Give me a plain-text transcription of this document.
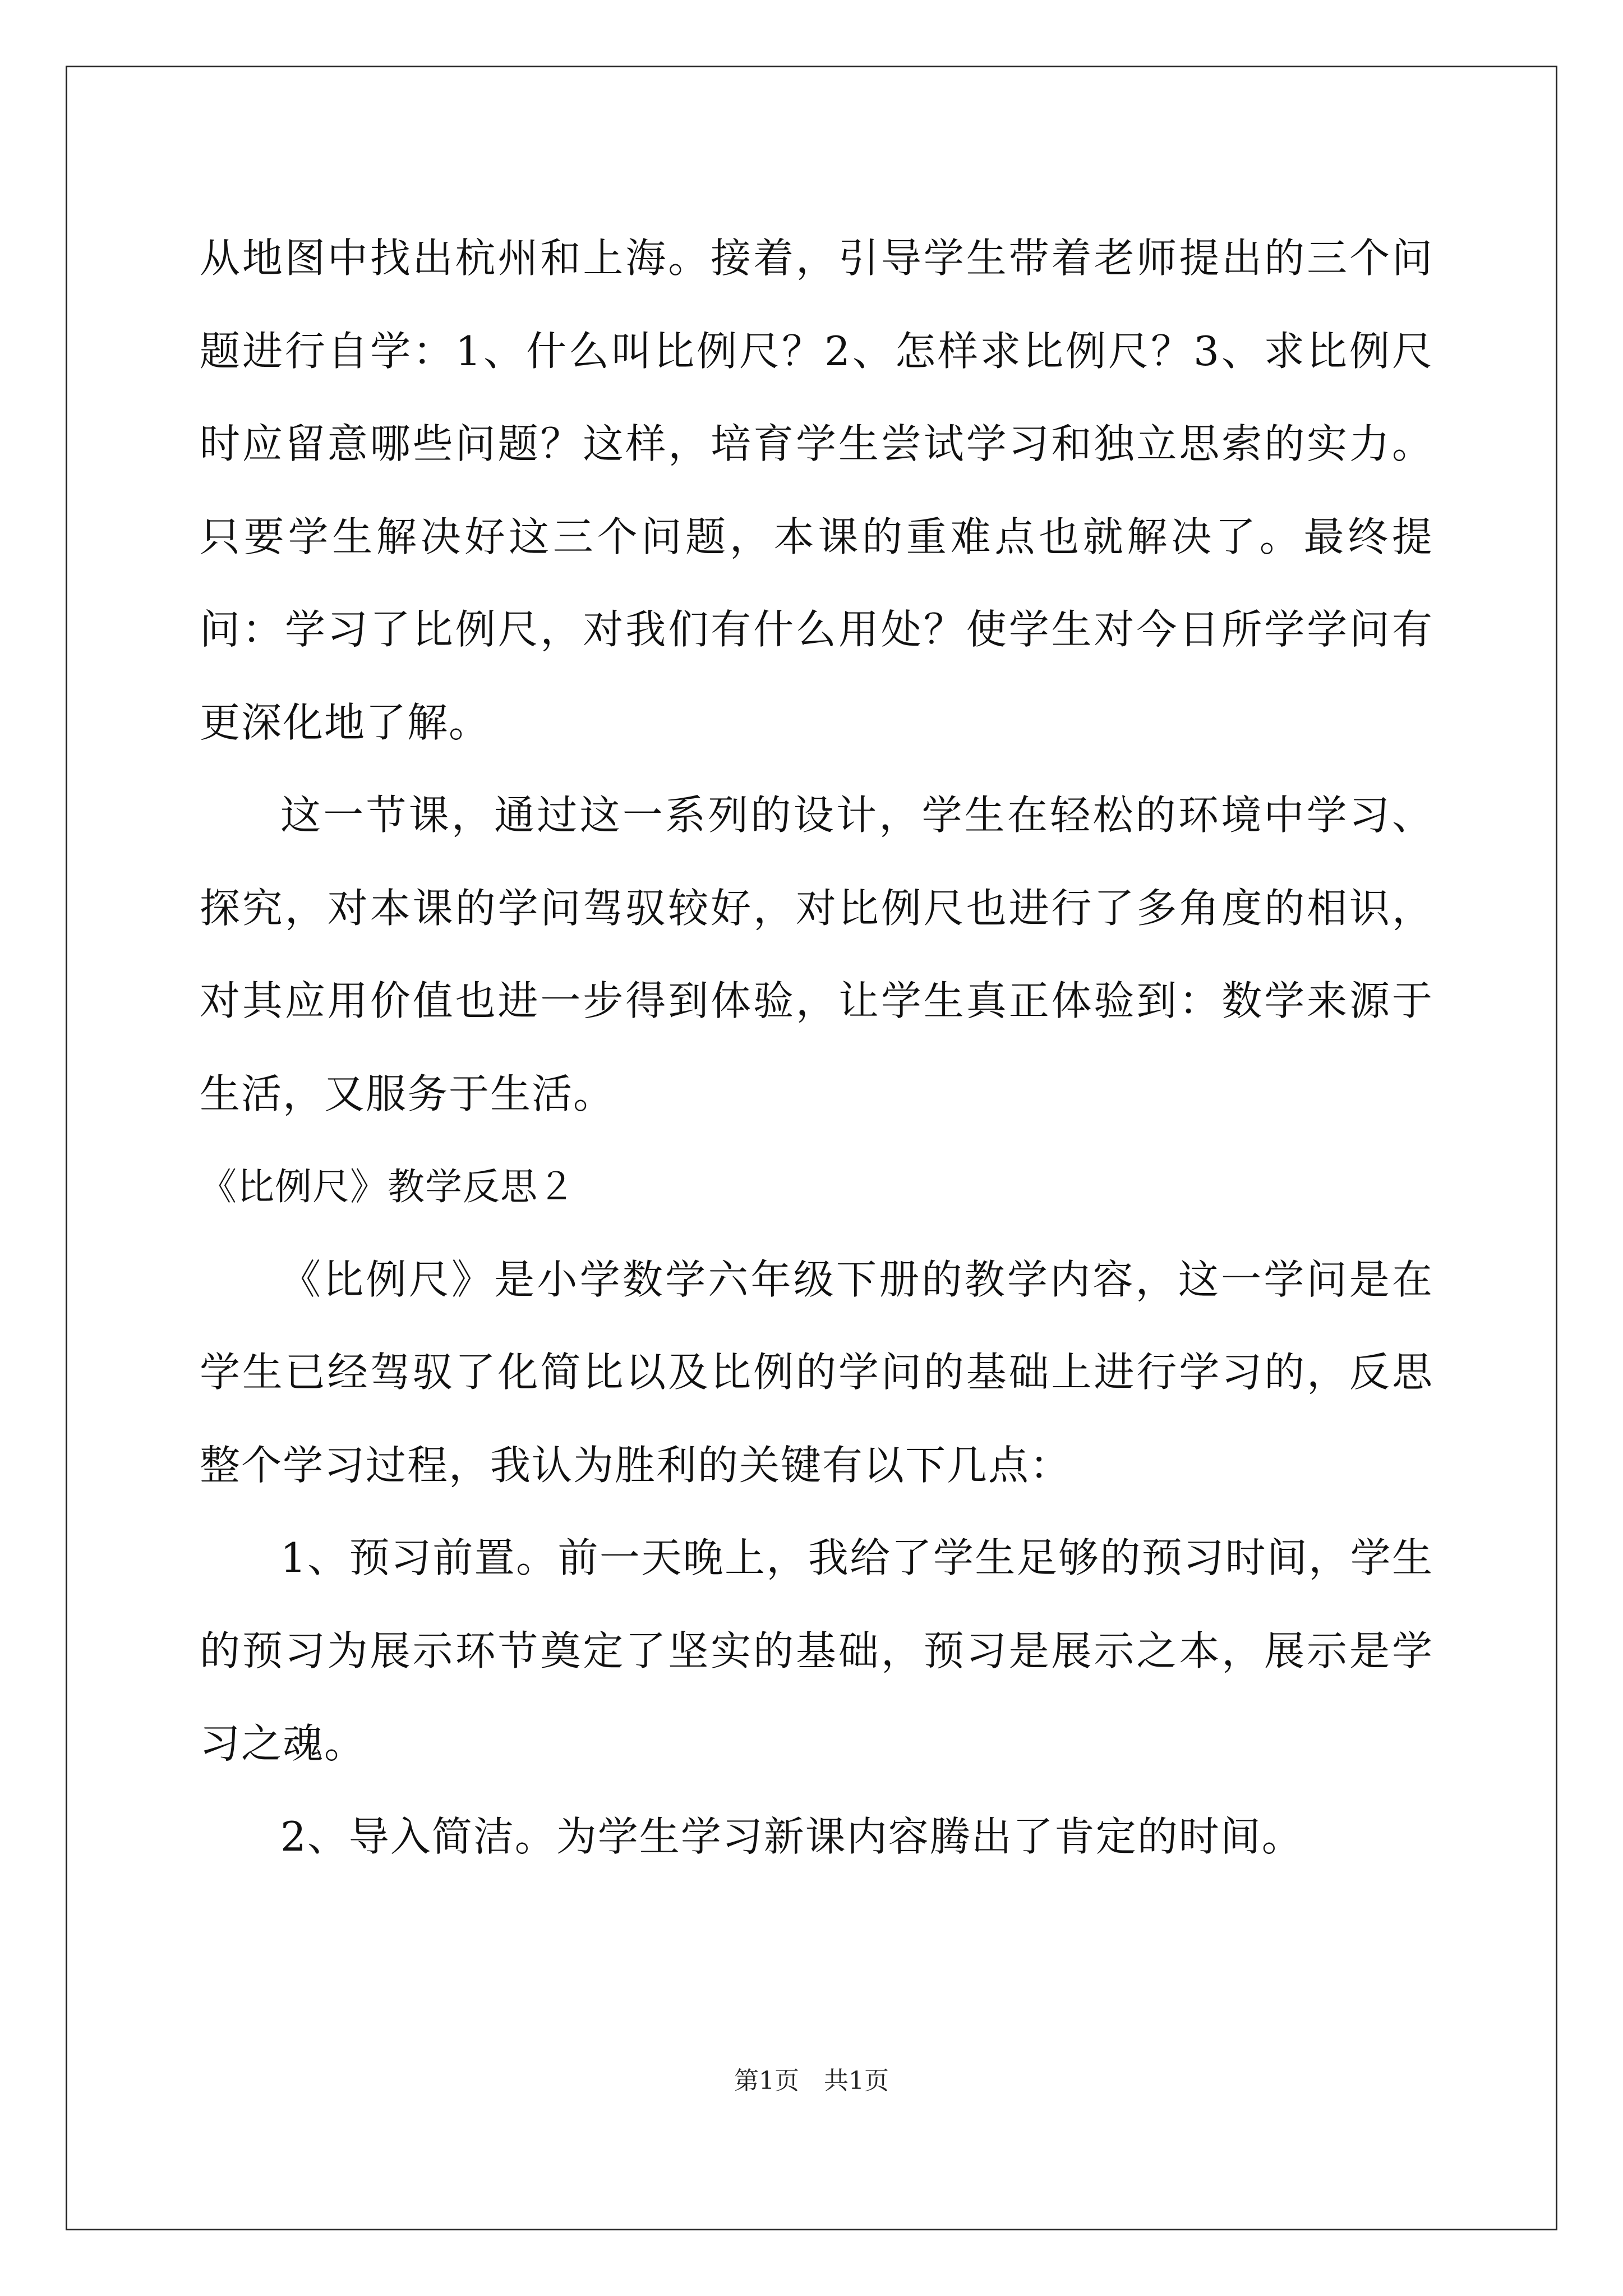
从地图中找出杭州和上海。接着，引导学生带着老师提出的三个问题进行自学：1、什么叫比例尺？2、怎样求比例尺？3、求比例尺时应留意哪些问题？这样，培育学生尝试学习和独立思索的实力。只要学生解决好这三个问题，本课的重难点也就解决了。最终提问：学习了比例尺，对我们有什么用处？使学生对今日所学学问有更深化地了解。

这一节课，通过这一系列的设计，学生在轻松的环境中学习、探究，对本课的学问驾驭较好，对比例尺也进行了多角度的相识，对其应用价值也进一步得到体验，让学生真正体验到：数学来源于生活，又服务于生活。

《比例尺》教学反思２

《比例尺》是小学数学六年级下册的教学内容，这一学问是在学生已经驾驭了化简比以及比例的学问的基础上进行学习的，反思整个学习过程，我认为胜利的关键有以下几点：

1、预习前置。前一天晚上，我给了学生足够的预习时间，学生的预习为展示环节奠定了坚实的基础，预习是展示之本，展示是学习之魂。

2、导入简洁。为学生学习新课内容腾出了肯定的时间。

第1页　共1页
